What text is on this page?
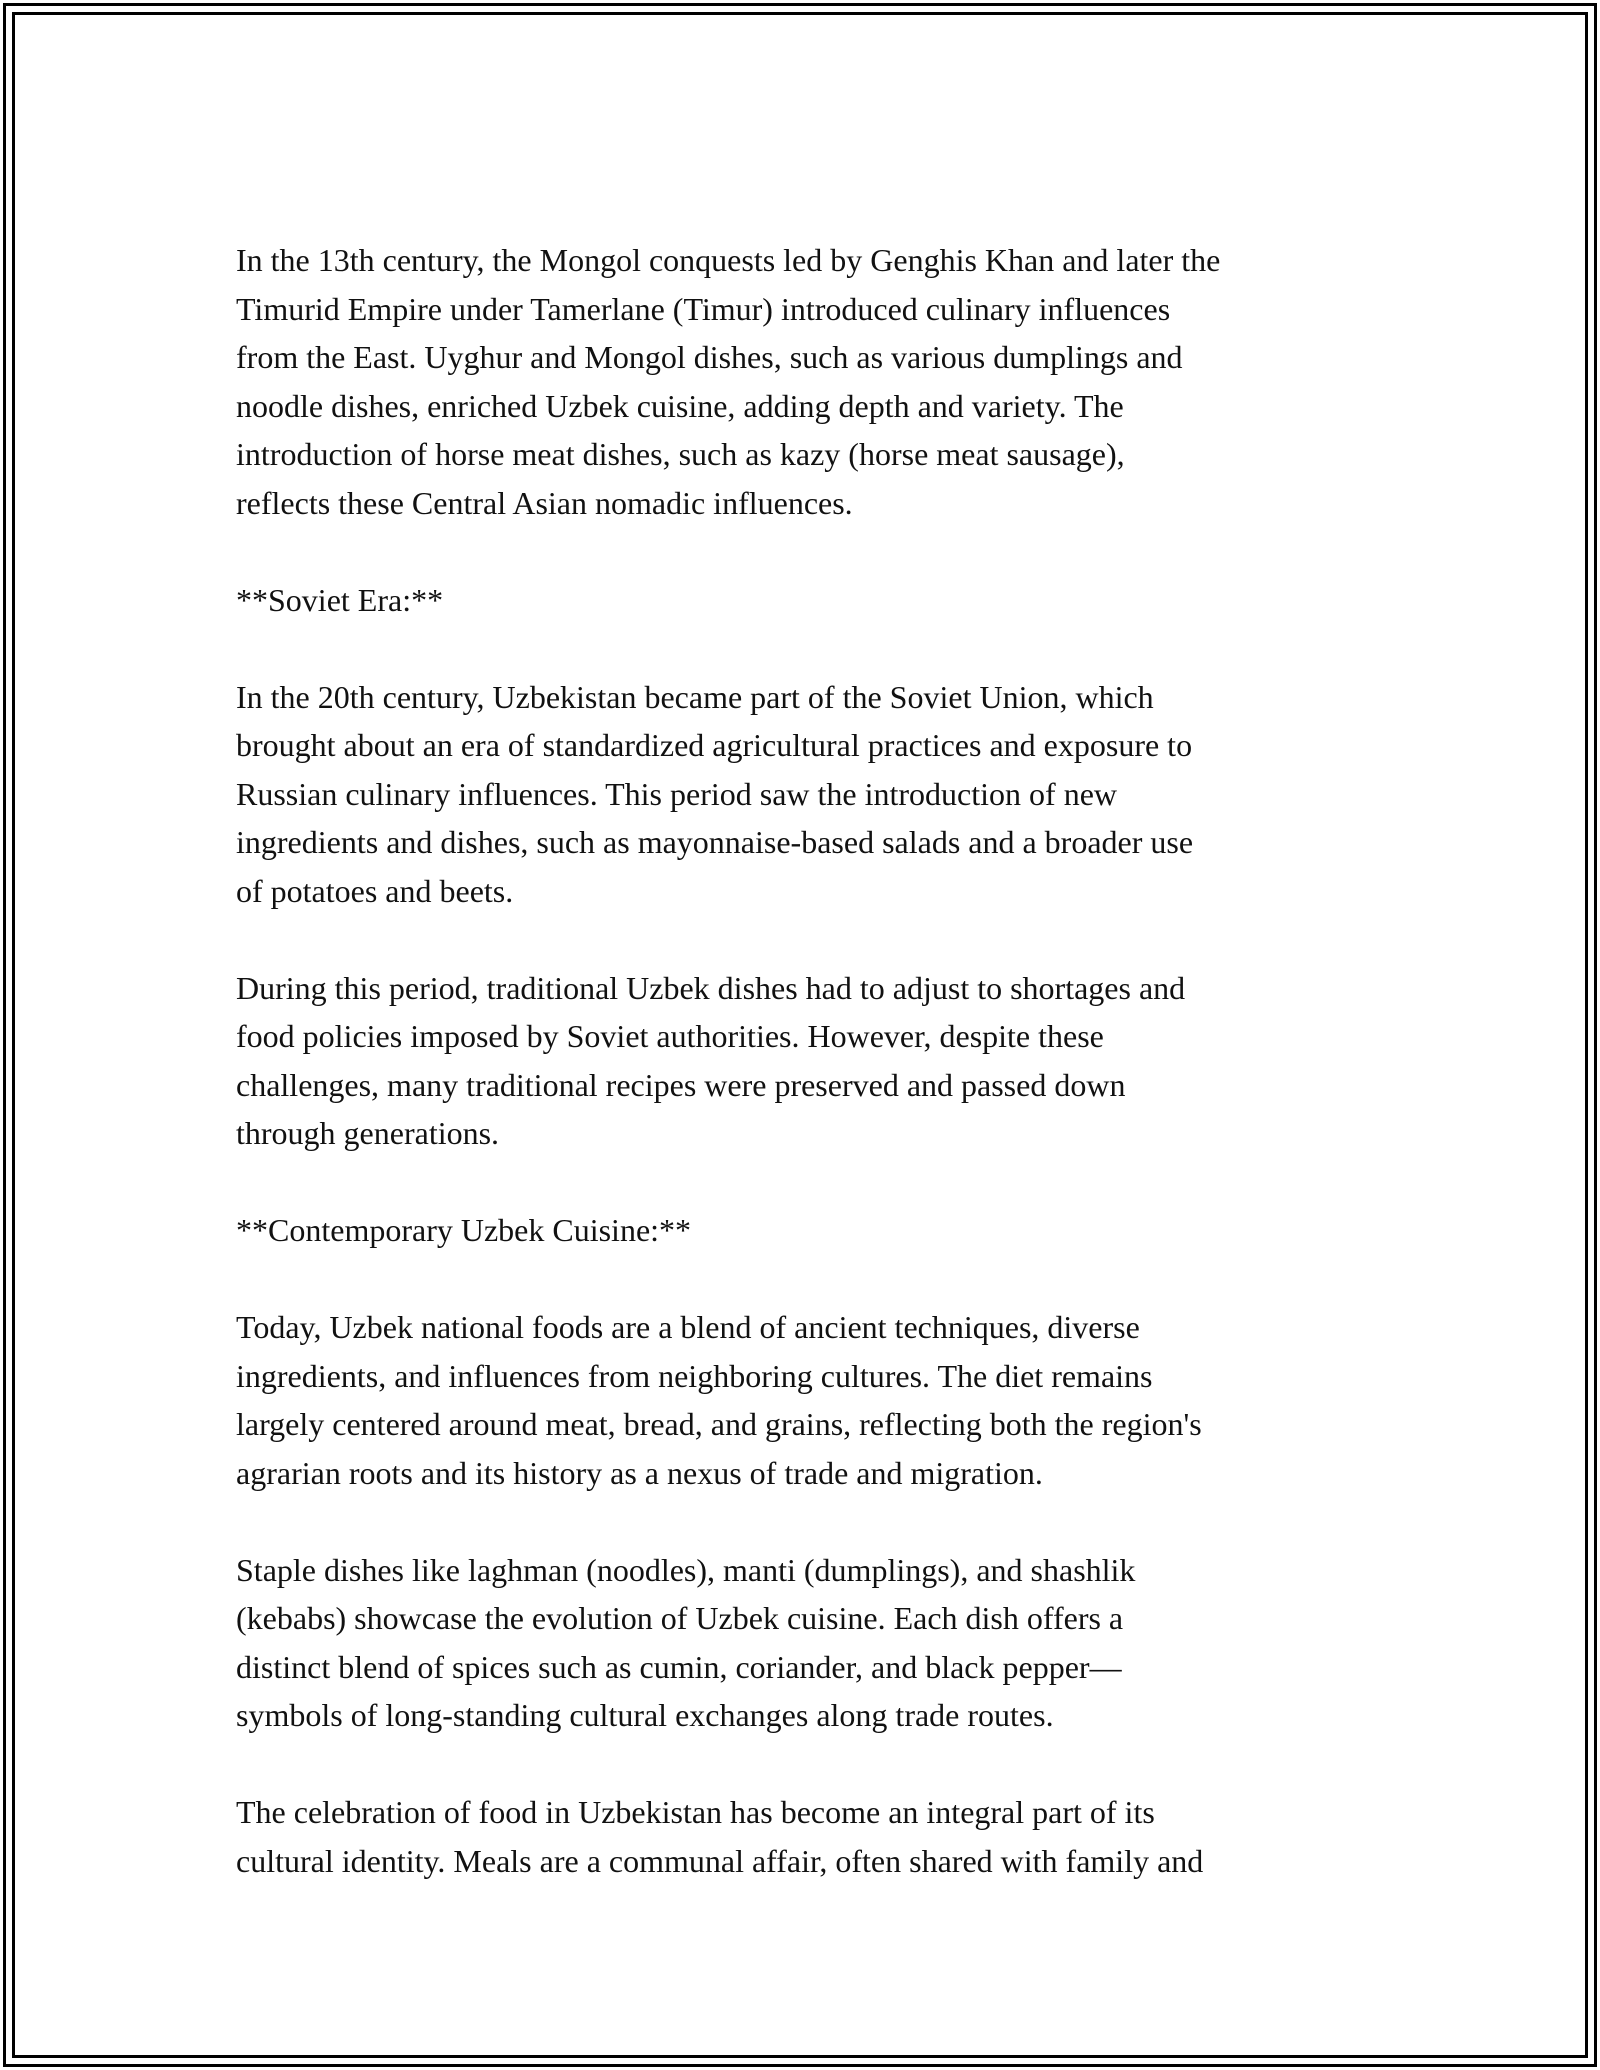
In the 13th century, the Mongol conquests led by Genghis Khan and later the
Timurid Empire under Tamerlane (Timur) introduced culinary influences
from the East. Uyghur and Mongol dishes, such as various dumplings and
noodle dishes, enriched Uzbek cuisine, adding depth and variety. The
introduction of horse meat dishes, such as kazy (horse meat sausage),
reflects these Central Asian nomadic influences.
**Soviet Era:**
In the 20th century, Uzbekistan became part of the Soviet Union, which
brought about an era of standardized agricultural practices and exposure to
Russian culinary influences. This period saw the introduction of new
ingredients and dishes, such as mayonnaise-based salads and a broader use
of potatoes and beets.
During this period, traditional Uzbek dishes had to adjust to shortages and
food policies imposed by Soviet authorities. However, despite these
challenges, many traditional recipes were preserved and passed down
through generations.
**Contemporary Uzbek Cuisine:**
Today, Uzbek national foods are a blend of ancient techniques, diverse
ingredients, and influences from neighboring cultures. The diet remains
largely centered around meat, bread, and grains, reflecting both the region's
agrarian roots and its history as a nexus of trade and migration.
Staple dishes like laghman (noodles), manti (dumplings), and shashlik
(kebabs) showcase the evolution of Uzbek cuisine. Each dish offers a
distinct blend of spices such as cumin, coriander, and black pepper—
symbols of long-standing cultural exchanges along trade routes.
The celebration of food in Uzbekistan has become an integral part of its
cultural identity. Meals are a communal affair, often shared with family and
